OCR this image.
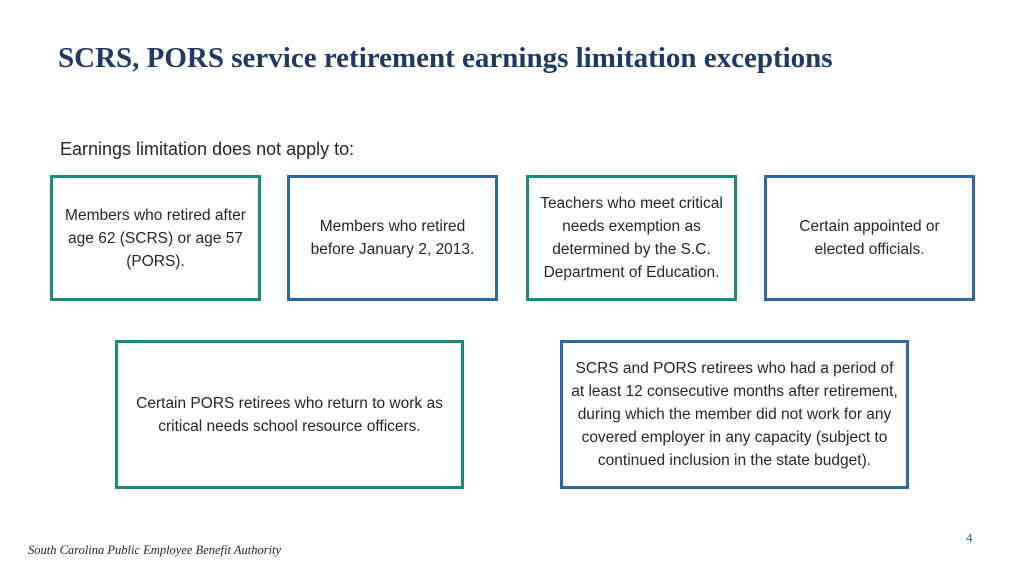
SCRS, PORS service retirement earnings limitation exceptions
Earnings limitation does not apply to:
Members who retired after age 62 (SCRS) or age 57 (PORS).
Members who retired before January 2, 2013.
Teachers who meet critical needs exemption as determined by the S.C. Department of Education.
Certain appointed or elected officials.
Certain PORS retirees who return to work as critical needs school resource officers.
SCRS and PORS retirees who had a period of at least 12 consecutive months after retirement, during which the member did not work for any covered employer in any capacity (subject to continued inclusion in the state budget).
South Carolina Public Employee Benefit Authority
4
